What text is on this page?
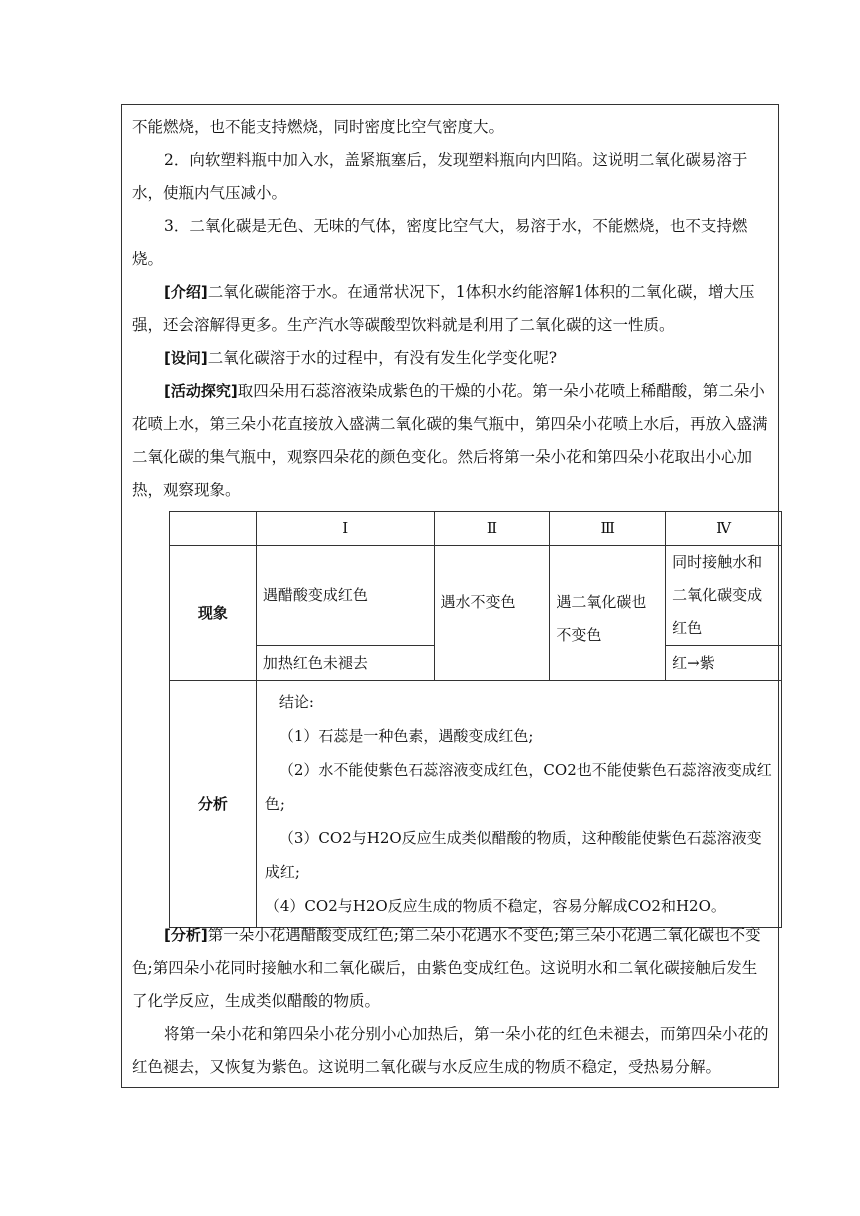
不能燃烧，也不能支持燃烧，同时密度比空气密度大。

2．向软塑料瓶中加入水，盖紧瓶塞后，发现塑料瓶向内凹陷。这说明二氧化碳易溶于水，使瓶内气压减小。

3．二氧化碳是无色、无味的气体，密度比空气大，易溶于水，不能燃烧，也不支持燃烧。

[介绍]二氧化碳能溶于水。在通常状况下，1体积水约能溶解1体积的二氧化碳，增大压强，还会溶解得更多。生产汽水等碳酸型饮料就是利用了二氧化碳的这一性质。

[设问]二氧化碳溶于水的过程中，有没有发生化学变化呢?

[活动探究]取四朵用石蕊溶液染成紫色的干燥的小花。第一朵小花喷上稀醋酸，第二朵小花喷上水，第三朵小花直接放入盛满二氧化碳的集气瓶中，第四朵小花喷上水后，再放入盛满二氧化碳的集气瓶中，观察四朵花的颜色变化。然后将第一朵小花和第四朵小花取出小心加热，观察现象。

	Ⅰ	Ⅱ	Ⅲ	Ⅳ
现象	遇醋酸变成红色	遇水不变色	遇二氧化碳也不变色	同时接触水和二氧化碳变成红色
	加热红色未褪去			红→紫
分析	结论:

（1）石蕊是一种色素，遇酸变成红色;

（2）水不能使紫色石蕊溶液变成红色，CO2也不能使紫色石蕊溶液变成红色;

（3）CO2与H2O反应生成类似醋酸的物质，这种酸能使紫色石蕊溶液变成红;

（4）CO2与H2O反应生成的物质不稳定，容易分解成CO2和H2O。			

[分析]第一朵小花遇醋酸变成红色;第二朵小花遇水不变色;第三朵小花遇二氧化碳也不变色;第四朵小花同时接触水和二氧化碳后，由紫色变成红色。这说明水和二氧化碳接触后发生了化学反应，生成类似醋酸的物质。

将第一朵小花和第四朵小花分别小心加热后，第一朵小花的红色未褪去，而第四朵小花的红色褪去，又恢复为紫色。这说明二氧化碳与水反应生成的物质不稳定，受热易分解。
